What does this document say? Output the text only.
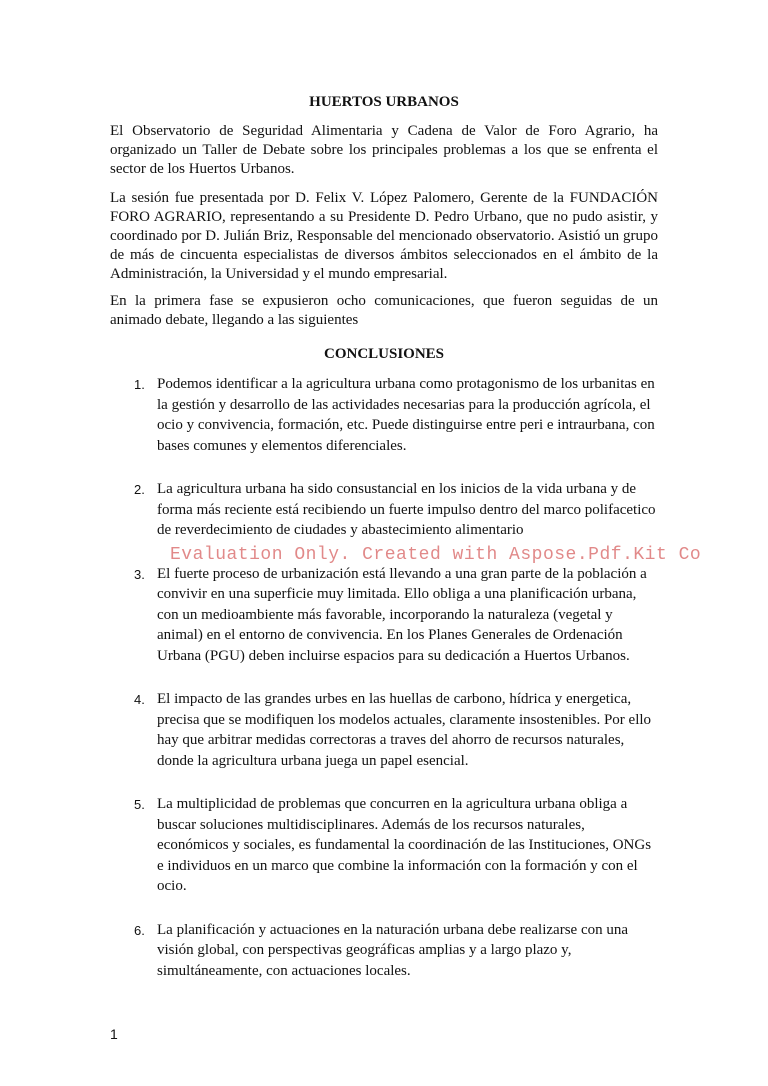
HUERTOS URBANOS

El Observatorio de Seguridad Alimentaria y Cadena de Valor de Foro Agrario, ha organizado un Taller de Debate sobre los principales problemas a los que se enfrenta el sector de los Huertos Urbanos.

La sesión fue presentada por D. Felix V. López Palomero, Gerente de la FUNDACIÓN FORO AGRARIO, representando a su Presidente D. Pedro Urbano, que no pudo asistir, y coordinado por D. Julián Briz, Responsable del mencionado observatorio. Asistió un grupo de más de cincuenta especialistas de diversos ámbitos seleccionados en el ámbito de la Administración, la Universidad y el mundo empresarial.

En la primera fase se expusieron ocho comunicaciones, que fueron seguidas de un animado debate, llegando a las siguientes

CONCLUSIONES
1. Podemos identificar a la agricultura urbana como protagonismo de los urbanitas en la gestión y desarrollo de las actividades necesarias para la producción agrícola, el ocio y convivencia, formación, etc. Puede distinguirse entre peri e intraurbana, con bases comunes y elementos diferenciales.
2. La agricultura urbana ha sido consustancial en los inicios de la vida urbana y de forma más reciente está recibiendo un fuerte impulso dentro del marco polifacetico de reverdecimiento de ciudades y abastecimiento alimentario
3. El fuerte proceso de urbanización está llevando a una gran parte de la población a convivir en una superficie muy limitada. Ello obliga a una planificación urbana, con un medioambiente más favorable, incorporando la naturaleza (vegetal y animal) en el entorno de convivencia. En los Planes Generales de Ordenación Urbana (PGU) deben incluirse espacios para su dedicación a Huertos Urbanos.
4. El impacto de las grandes urbes en las huellas de carbono, hídrica y energetica, precisa que se modifiquen los modelos actuales, claramente insostenibles. Por ello hay que arbitrar medidas correctoras a traves del ahorro de recursos naturales, donde la agricultura urbana juega un papel esencial.
5. La multiplicidad de problemas que concurren en la agricultura urbana obliga a buscar soluciones multidisciplinares. Además de los recursos naturales, económicos y sociales, es fundamental la coordinación de las Instituciones, ONGs e individuos en un marco que combine la información con la formación y con el ocio.
6. La planificación y actuaciones en la naturación urbana debe realizarse con una visión global, con perspectivas geográficas amplias y a largo plazo y, simultáneamente, con actuaciones locales.
Evaluation Only. Created with Aspose.Pdf.Kit Co
1
